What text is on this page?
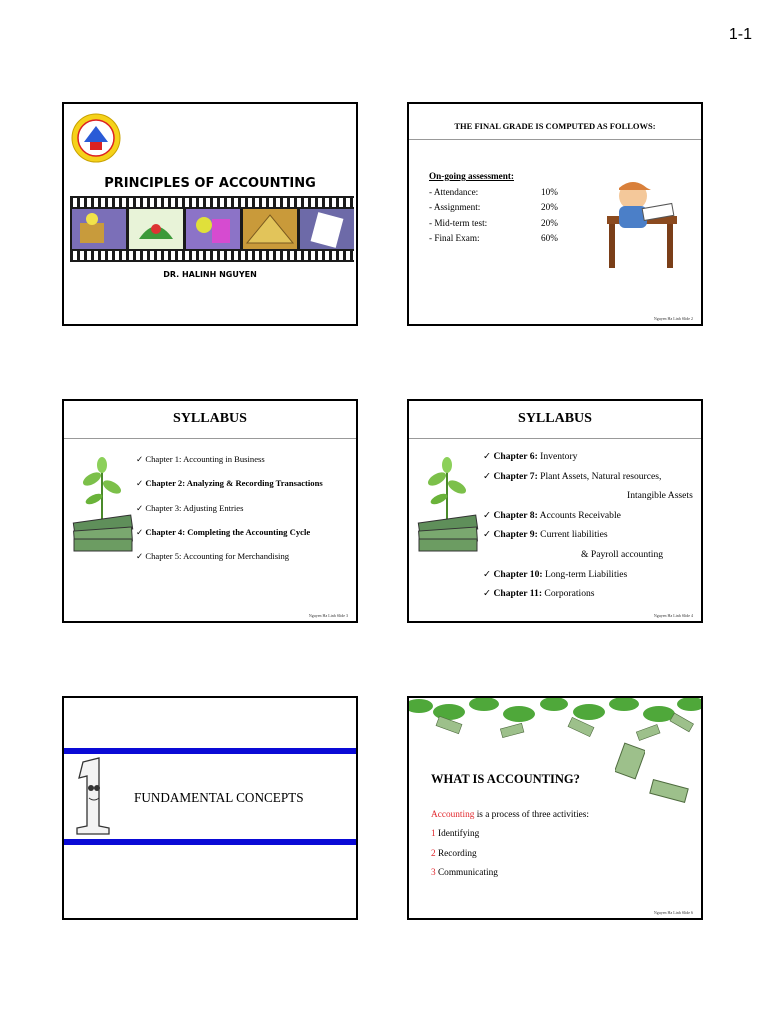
1-1
PRINCIPLES OF ACCOUNTING
DR. HALINH NGUYEN
THE FINAL GRADE IS COMPUTED AS FOLLOWS:
On-going assessment:
- Attendance:	10%
- Assignment:	20%
- Mid-term test:	20%
- Final Exam:	60%
Nguyen Ha Linh Slide 2
SYLLABUS
✓ Chapter 1: Accounting in Business
✓ Chapter 2: Analyzing & Recording Transactions
✓ Chapter 3: Adjusting Entries
✓ Chapter 4: Completing the Accounting Cycle
✓ Chapter 5: Accounting for Merchandising
Nguyen Ha Linh Slide 3
SYLLABUS
✓ Chapter 6: Inventory
✓ Chapter 7: Plant Assets, Natural resources,
Intangible Assets
✓ Chapter 8: Accounts Receivable
✓ Chapter 9: Current liabilities
& Payroll accounting
✓ Chapter 10: Long-term Liabilities
✓ Chapter 11: Corporations
Nguyen Ha Linh Slide 4
FUNDAMENTAL CONCEPTS
WHAT IS ACCOUNTING?
Accounting is a process of three activities:
1 Identifying
2 Recording
3 Communicating
Nguyen Ha Linh Slide 6
